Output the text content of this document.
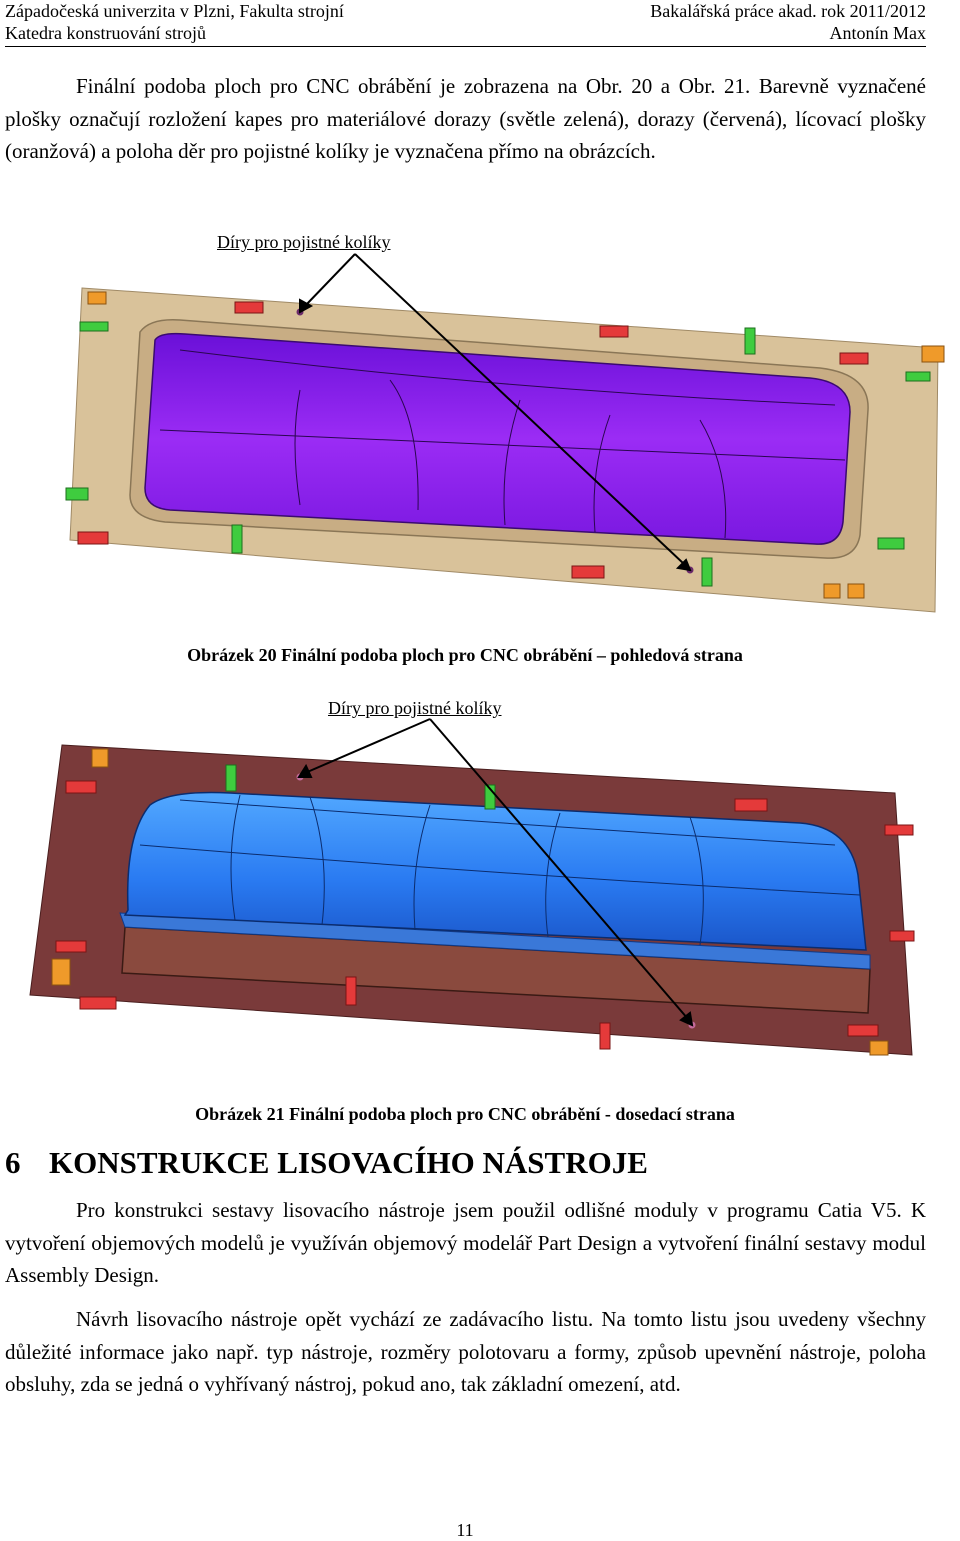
Západočeská univerzita v Plzni, Fakulta strojní	Bakalářská práce akad. rok 2011/2012
Katedra konstruování strojů	Antonín Max

Finální podoba ploch pro CNC obrábění je zobrazena na Obr. 20 a Obr. 21. Barevně vyznačené plošky označují rozložení kapes pro materiálové dorazy (světle zelená), dorazy (červená), lícovací plošky (oranžová) a poloha děr pro pojistné kolíky je vyznačena přímo na obrázcích.

Díry pro pojistné kolíky
Obrázek 20 Finální podoba ploch pro CNC obrábění – pohledová strana
Díry pro pojistné kolíky
Obrázek 21 Finální podoba ploch pro CNC obrábění - dosedací strana
6 KONSTRUKCE LISOVACÍHO NÁSTROJE

Pro konstrukci sestavy lisovacího nástroje jsem použil odlišné moduly v programu Catia V5. K vytvoření objemových modelů je využíván objemový modelář Part Design a vytvoření finální sestavy modul Assembly Design.

Návrh lisovacího nástroje opět vychází ze zadávacího listu. Na tomto listu jsou uvedeny všechny důležité informace jako např. typ nástroje, rozměry polotovaru a formy, způsob upevnění nástroje, poloha obsluhy, zda se jedná o vyhřívaný nástroj, pokud ano, tak základní omezení, atd.

11
